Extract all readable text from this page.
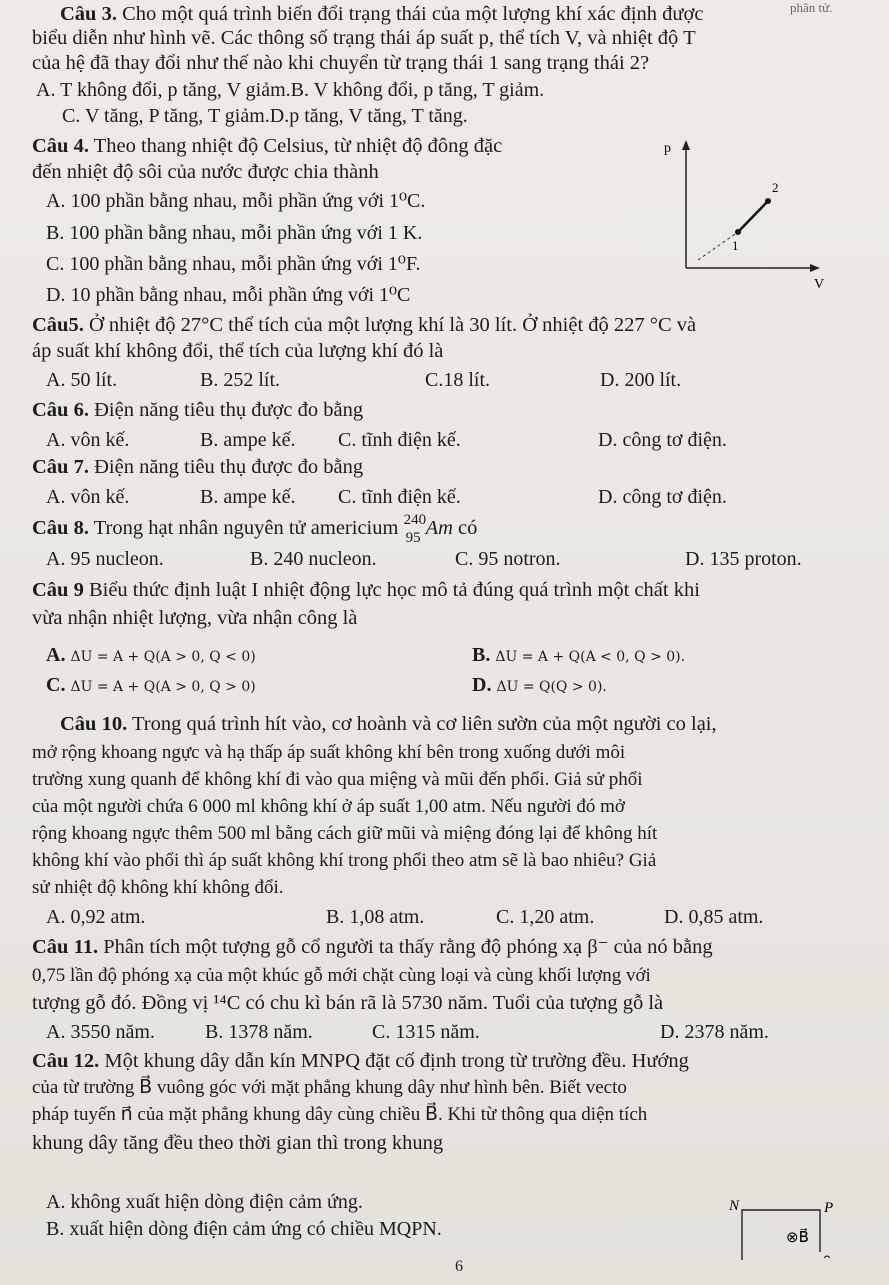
phân tử.
Câu 3. Cho một quá trình biến đổi trạng thái của một lượng khí xác định được
biểu diễn như hình vẽ. Các thông số trạng thái áp suất p, thể tích V, và nhiệt độ T
của hệ đã thay đổi như thế nào khi chuyển từ trạng thái 1 sang trạng thái 2?
A. T không đổi, p tăng, V giảm.B. V không đổi, p tăng, T giảm.
C. V tăng, P tăng, T giảm.D.p tăng, V tăng, T tăng.
p
V
1
2
Câu 4. Theo thang nhiệt độ Celsius, từ nhiệt độ đông đặc
đến nhiệt độ sôi của nước được chia thành
A. 100 phần bằng nhau, mỗi phần ứng với 1⁰C.
B. 100 phần bằng nhau, mỗi phần ứng với 1 K.
C. 100 phần bằng nhau, mỗi phần ứng với 1⁰F.
D. 10 phần bằng nhau, mỗi phần ứng với 1⁰C
Câu5. Ở nhiệt độ 27°C thể tích của một lượng khí là 30 lít. Ở nhiệt độ 227 °C và
áp suất khí không đổi, thể tích của lượng khí đó là
A. 50 lít.	B. 252 lít.	C.18 lít.	D. 200 lít.
Câu 6. Điện năng tiêu thụ được đo bằng
A. vôn kế.	B. ampe kế. C. tĩnh điện kế.	D. công tơ điện.
Câu 7. Điện năng tiêu thụ được đo bằng
A. vôn kế.	B. ampe kế. C. tĩnh điện kế.	D. công tơ điện.
Câu 8. Trong hạt nhân nguyên tử americium 240
95 Am có
A. 95 nucleon.	B. 240 nucleon.	C. 95 notron.	D. 135 proton.
Câu 9 Biểu thức định luật I nhiệt động lực học mô tả đúng quá trình một chất khi
vừa nhận nhiệt lượng, vừa nhận công là
A. ΔU = A + Q(A > 0, Q < 0)	B. ΔU = A + Q(A < 0, Q > 0).
C. ΔU = A + Q(A > 0, Q > 0)	D. ΔU = Q(Q > 0).
Câu 10. Trong quá trình hít vào, cơ hoành và cơ liên sườn của một người co lại,
mở rộng khoang ngực và hạ thấp áp suất không khí bên trong xuống dưới môi
trường xung quanh để không khí đi vào qua miệng và mũi đến phổi. Giả sử phổi
của một người chứa 6 000 ml không khí ở áp suất 1,00 atm. Nếu người đó mở
rộng khoang ngực thêm 500 ml bằng cách giữ mũi và miệng đóng lại để không hít
không khí vào phổi thì áp suất không khí trong phổi theo atm sẽ là bao nhiêu? Giả
sử nhiệt độ không khí không đổi.
A. 0,92 atm.	B. 1,08 atm.	C. 1,20 atm.	D. 0,85 atm.
Câu 11. Phân tích một tượng gỗ cổ người ta thấy rằng độ phóng xạ β⁻ của nó bằng
0,75 lần độ phóng xạ của một khúc gỗ mới chặt cùng loại và cùng khối lượng với
tượng gỗ đó. Đồng vị ¹⁴C có chu kì bán rã là 5730 năm. Tuổi của tượng gỗ là
A. 3550 năm.	B. 1378 năm.	C. 1315 năm.	D. 2378 năm.
Câu 12. Một khung dây dẫn kín MNPQ đặt cố định trong từ trường đều. Hướng
của từ trường B⃗ vuông góc với mặt phẳng khung dây như hình bên. Biết vecto
pháp tuyến n⃗ của mặt phẳng khung dây cùng chiều B⃗. Khi từ thông qua diện tích
khung dây tăng đều theo thời gian thì trong khung
A. không xuất hiện dòng điện cảm ứng.
B. xuất hiện dòng điện cảm ứng có chiều MQPN.
N	P
⊗B⃗
6
